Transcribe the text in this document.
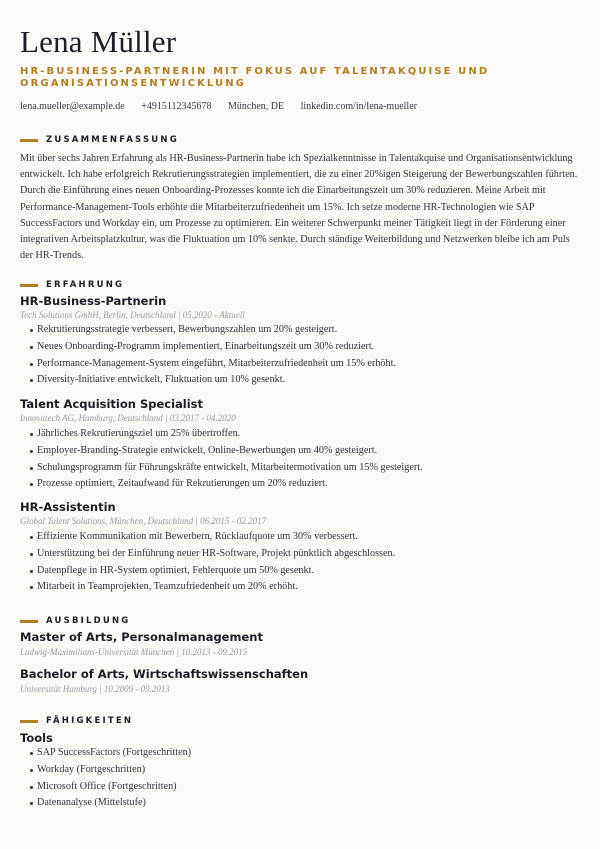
Lena Müller
HR-BUSINESS-PARTNERIN MIT FOKUS AUF TALENTAKQUISE UND ORGANISATIONSENTWICKLUNG
lena.mueller@example.de +4915112345678 München, DE linkedin.com/in/lena-mueller
ZUSAMMENFASSUNG
Mit über sechs Jahren Erfahrung als HR-Business-Partnerin habe ich Spezialkenntnisse in Talentakquise und Organisationsentwicklung entwickelt. Ich habe erfolgreich Rekrutierungsstrategien implementiert, die zu einer 20%igen Steigerung der Bewerbungszahlen führten. Durch die Einführung eines neuen Onboarding-Prozesses konnte ich die Einarbeitungszeit um 30% reduzieren. Meine Arbeit mit Performance-Management-Tools erhöhte die Mitarbeiterzufriedenheit um 15%. Ich setze moderne HR-Technologien wie SAP SuccessFactors und Workday ein, um Prozesse zu optimieren. Ein weiterer Schwerpunkt meiner Tätigkeit liegt in der Förderung einer integrativen Arbeitsplatzkultur, was die Fluktuation um 10% senkte. Durch ständige Weiterbildung und Netzwerken bleibe ich am Puls der HR-Trends.
ERFAHRUNG
HR-Business-Partnerin
Tech Solutions GmbH, Berlin, Deutschland | 05.2020 - Aktuell
Rekrutierungsstrategie verbessert, Bewerbungszahlen um 20% gesteigert.
Neues Onboarding-Programm implementiert, Einarbeitungszeit um 30% reduziert.
Performance-Management-System eingeführt, Mitarbeiterzufriedenheit um 15% erhöht.
Diversity-Initiative entwickelt, Fluktuation um 10% gesenkt.
Talent Acquisition Specialist
Innovatech AG, Hamburg, Deutschland | 03.2017 - 04.2020
Jährliches Rekrutierungsziel um 25% übertroffen.
Employer-Branding-Strategie entwickelt, Online-Bewerbungen um 40% gesteigert.
Schulungsprogramm für Führungskräfte entwickelt, Mitarbeitermotivation um 15% gesteigert.
Prozesse optimiert, Zeitaufwand für Rekrutierungen um 20% reduziert.
HR-Assistentin
Global Talent Solutions, München, Deutschland | 06.2015 - 02.2017
Effiziente Kommunikation mit Bewerbern, Rücklaufquote um 30% verbessert.
Unterstützung bei der Einführung neuer HR-Software, Projekt pünktlich abgeschlossen.
Datenpflege in HR-System optimiert, Fehlerquote um 50% gesenkt.
Mitarbeit in Teamprojekten, Teamzufriedenheit um 20% erhöht.
AUSBILDUNG
Master of Arts, Personalmanagement
Ludwig-Maximilians-Universität München | 10.2013 - 09.2015
Bachelor of Arts, Wirtschaftswissenschaften
Universität Hamburg | 10.2009 - 09.2013
FÄHIGKEITEN
Tools
SAP SuccessFactors (Fortgeschritten)
Workday (Fortgeschritten)
Microsoft Office (Fortgeschritten)
Datenanalyse (Mittelstufe)
